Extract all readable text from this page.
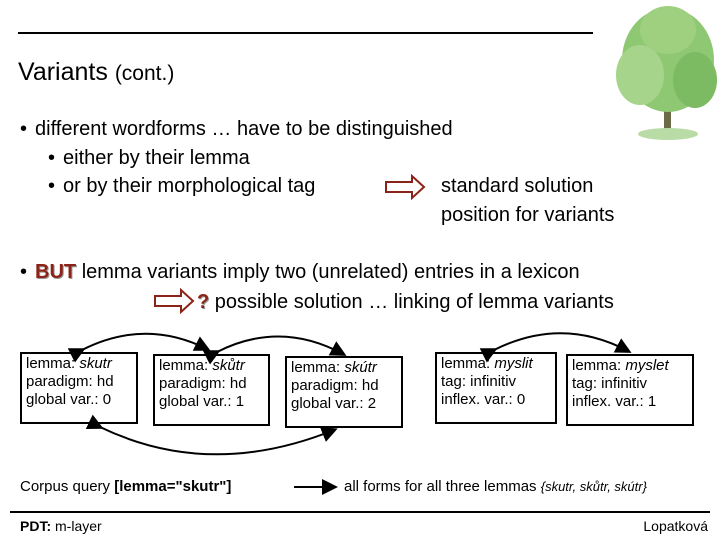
Variants (cont.)
• different wordforms … have to be distinguished
• either by their lemma
• or by their morphological tag	standard solution
position for variants
• BUT lemma variants imply two (unrelated) entries in a lexicon
? possible solution … linking of lemma variants
lemma: skutr
paradigm: hd
global var.: 0
lemma: skůtr
paradigm: hd
global var.: 1
lemma: skútr
paradigm: hd
global var.: 2
lemma: myslit
tag: infinitiv
inflex. var.: 0
lemma: myslet
tag: infinitiv
inflex. var.: 1
Corpus query [lemma="skutr"]	all forms for all three lemmas {skutr, skůtr, skútr}
PDT: m-layer	Lopatková
